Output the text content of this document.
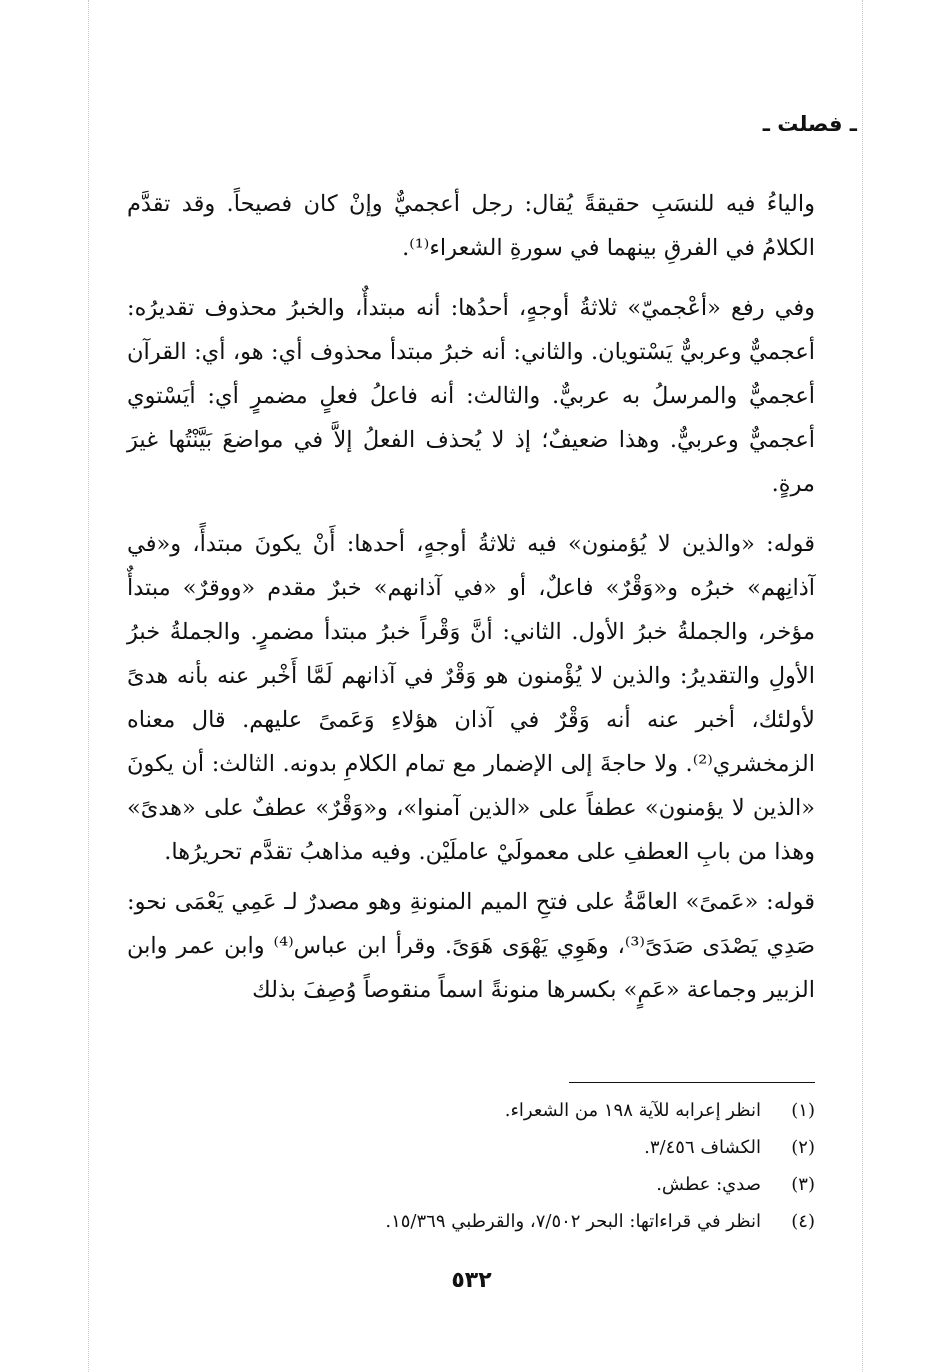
ـ فصلت ـ

والياءُ فيه للنسَبِ حقيقةً يُقال: رجل أعجميٌّ وإنْ كان فصيحاً. وقد تقدَّم الكلامُ في الفرقِ بينهما في سورةِ الشعراء⁽¹⁾.

وفي رفع «أعْجميّ» ثلاثةُ أوجهٍ، أحدُها: أنه مبتدأٌ، والخبرُ محذوف تقديرُه: أعجميٌّ وعربيٌّ يَسْتويان. والثاني: أنه خبرُ مبتدأ محذوف أي: هو، أي: القرآن أعجميٌّ والمرسلُ به عربيٌّ. والثالث: أنه فاعلُ فعلٍ مضمرٍ أي: أيَسْتوي أعجميٌّ وعربيٌّ. وهذا ضعيفٌ؛ إذ لا يُحذف الفعلُ إلاَّ في مواضعَ بَيَّنْتُها غيرَ مرةٍ.

قوله: «والذين لا يُؤمنون» فيه ثلاثةُ أوجهٍ، أحدها: أَنْ يكونَ مبتدأً، و«في آذانِهم» خبرُه و«وَقْرٌ» فاعلٌ، أو «في آذانهم» خبرٌ مقدم «ووقرٌ» مبتدأٌ مؤخر، والجملةُ خبرُ الأول. الثاني: أنَّ وَقْراً خبرُ مبتدأ مضمرٍ. والجملةُ خبرُ الأولِ والتقديرُ: والذين لا يُؤْمنون هو وَقْرٌ في آذانهم لَمَّا أَخْبر عنه بأنه هدىً لأولئك، أخبر عنه أنه وَقْرٌ في آذان هؤلاءِ وَعَمىً عليهم. قال معناه الزمخشري⁽²⁾. ولا حاجةَ إلى الإضمار مع تمام الكلامِ بدونه. الثالث: أن يكونَ «الذين لا يؤمنون» عطفاً على «الذين آمنوا»، و«وَقْرٌ» عطفٌ على «هدىً» وهذا من بابِ العطفِ على معمولَيْ عاملَيْن. وفيه مذاهبُ تقدَّم تحريرُها.

قوله: «عَمىً» العامَّةُ على فتحِ الميم المنونةِ وهو مصدرٌ لـ عَمِي يَعْمَى نحو: صَدِي يَصْدَى صَدَىً⁽³⁾، وهَوِي يَهْوَى هَوَىً. وقرأ ابن عباس⁽⁴⁾ وابن عمر وابن الزبير وجماعة «عَمٍ» بكسرها منونةً اسماً منقوصاً وُصِفَ بذلك

(١)
انظر إعرابه للآية ١٩٨ من الشعراء.
(٢)
الكشاف ٣/٤٥٦.
(٣)
صدي: عطش.
(٤)
انظر في قراءاتها: البحر ٧/٥٠٢، والقرطبي ١٥/٣٦٩.
٥٣٢
